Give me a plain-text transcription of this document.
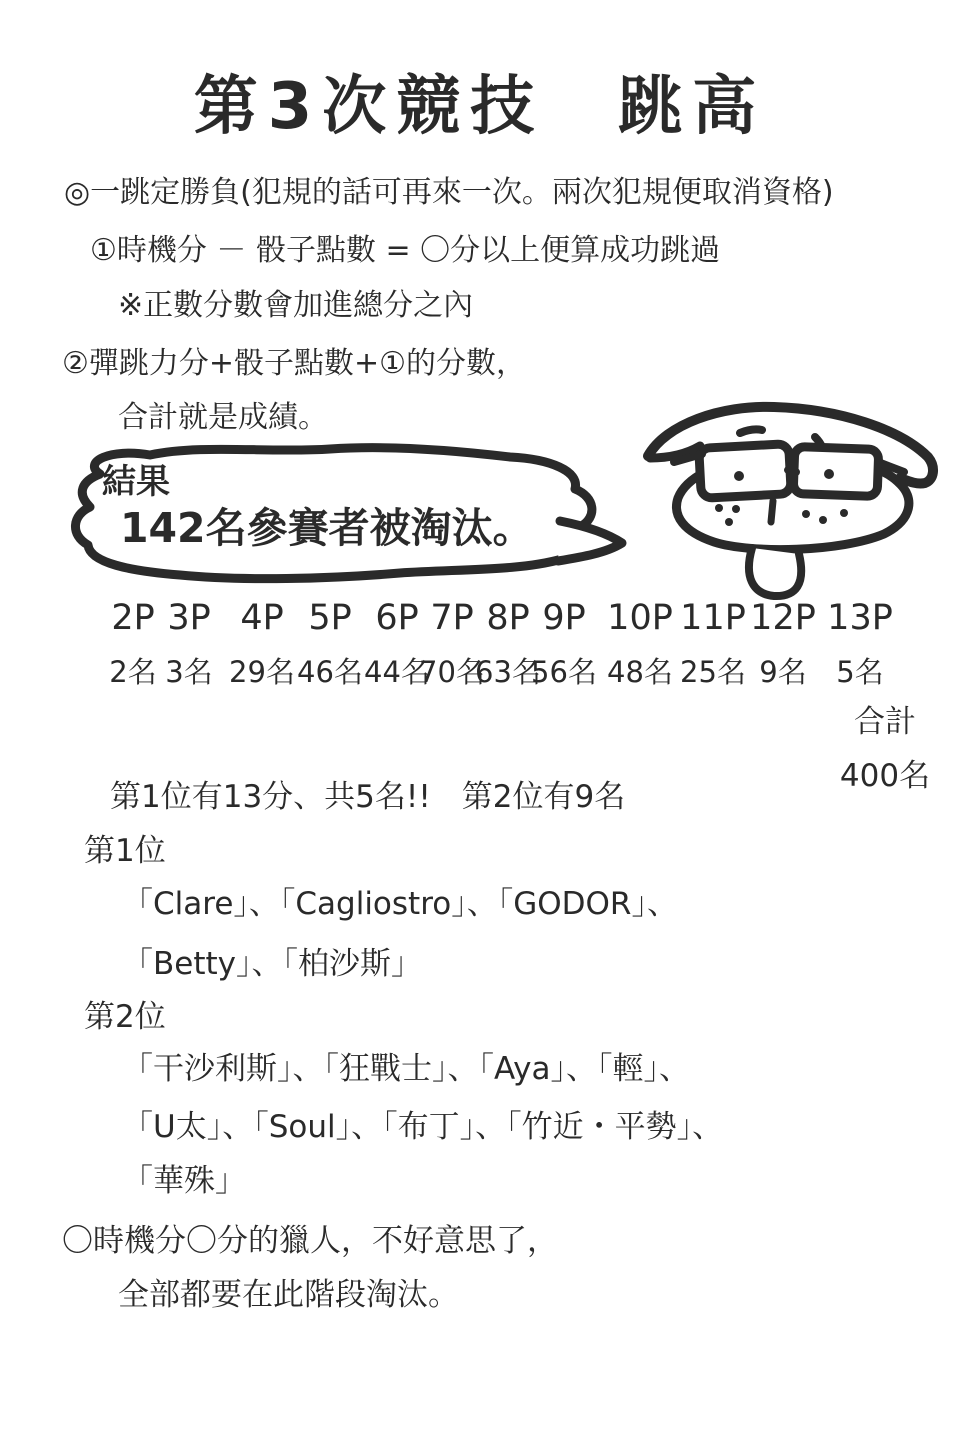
第3次競技　跳高
◎一跳定勝負(犯規的話可再來一次。兩次犯規便取消資格)
①時機分 － 骰子點數 = 〇分以上便算成功跳過
※正數分數會加進總分之內
②彈跳力分+骰子點數+①的分數，
合計就是成績。
結果
142名參賽者被淘汰。
2P
2名
3P
3名
4P
29名
5P
46名
6P
44名
7P
70名
8P
63名
9P
56名
10P
48名
11P
25名
12P
9名
13P
5名
合計
400名
第1位有13分、共5名!!　第2位有9名
第1位
「Clare」、「Cagliostro」、「GODOR」、
「Betty」、「柏沙斯」
第2位
「干沙利斯」、「狂戰士」、「Aya」、「輕」、
「U太」、「Soul」、「布丁」、「竹近・平勢」、
「華殊」
〇時機分〇分的獵人，不好意思了，
全部都要在此階段淘汰。
